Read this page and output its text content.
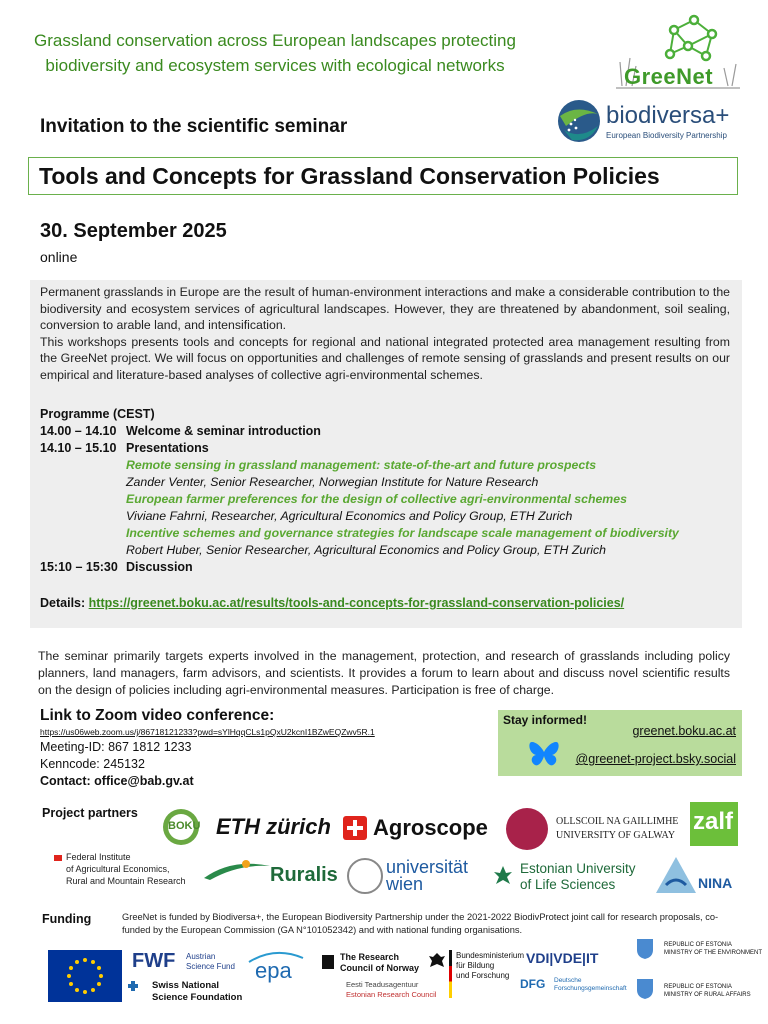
Grassland conservation across European landscapes protecting
biodiversity and ecosystem services with ecological networks	GreeNet
Invitation to the scientific seminar	biodiversa+
European Biodiversity Partnership
Tools and Concepts for Grassland Conservation Policies
30. September 2025
online
Permanent grasslands in Europe are the result of human-environment interactions and make a considerable contribution to the biodiversity and ecosystem services of agricultural landscapes. However, they are threatened by abandonment, soil sealing, conversion to arable land, and intensification.
This workshops presents tools and concepts for regional and national integrated protected area management resulting from the GreeNet project. We will focus on opportunities and challenges of remote sensing of grasslands and present results on our empirical and literature-based analyses of collective agri-environmental schemes.
Programme (CEST)
14.00 – 14.10 Welcome & seminar introduction
14.10 – 15.10 Presentations
Remote sensing in grassland management: state-of-the-art and future prospects
Zander Venter, Senior Researcher, Norwegian Institute for Nature Research
European farmer preferences for the design of collective agri-environmental schemes
Viviane Fahrni, Researcher, Agricultural Economics and Policy Group, ETH Zurich
Incentive schemes and governance strategies for landscape scale management of biodiversity
Robert Huber, Senior Researcher, Agricultural Economics and Policy Group, ETH Zurich
15:10 – 15:30 Discussion
Details: https://greenet.boku.ac.at/results/tools-and-concepts-for-grassland-conservation-policies/
The seminar primarily targets experts involved in the management, protection, and research of grasslands including policy planners, land managers, farm advisors, and scientists. It provides a forum to learn about and discuss novel scientific results on the design of policies including agri-environmental measures. Participation is free of charge.
Link to Zoom video conference:
https://us06web.zoom.us/j/86718121233?pwd=sYlHqqCLs1pQxU2kcnI1BZwEQZwv5R.1
Meeting-ID: 867 1812 1233
Kenncode: 245132
Contact: office@bab.gv.at
Stay informed!
greenet.boku.ac.at
@greenet-project.bsky.social
Project partners
BOKU ETH zürich Agroscope	OLLSCOIL NA GAILLIMHE
UNIVERSITY OF GALWAY
zalf
Federal Institute
of Agricultural Economics,
Rural and Mountain Research	Ruralis	universität
wien
Estonian University
of Life Sciences	NINA
Funding	GreeNet is funded by Biodiversa+, the European Biodiversity Partnership under the 2021-2022 BiodivProtect joint call for research proposals, co-funded by the European Commission (GA N°101052342) and with national funding organisations.
FWF Austrian
Science Fund
Swiss National
Science Foundation
epa
The Research
Council of Norway
Eesti Teadusagentuur
Estonian Research Council
Bundesministerium
für Bildung
und Forschung
VDI|VDE|IT
DFG Deutsche Forschungsgemeinschaft
REPUBLIC OF ESTONIA
MINISTRY OF THE ENVIRONMENT
REPUBLIC OF ESTONIA
MINISTRY OF RURAL AFFAIRS
